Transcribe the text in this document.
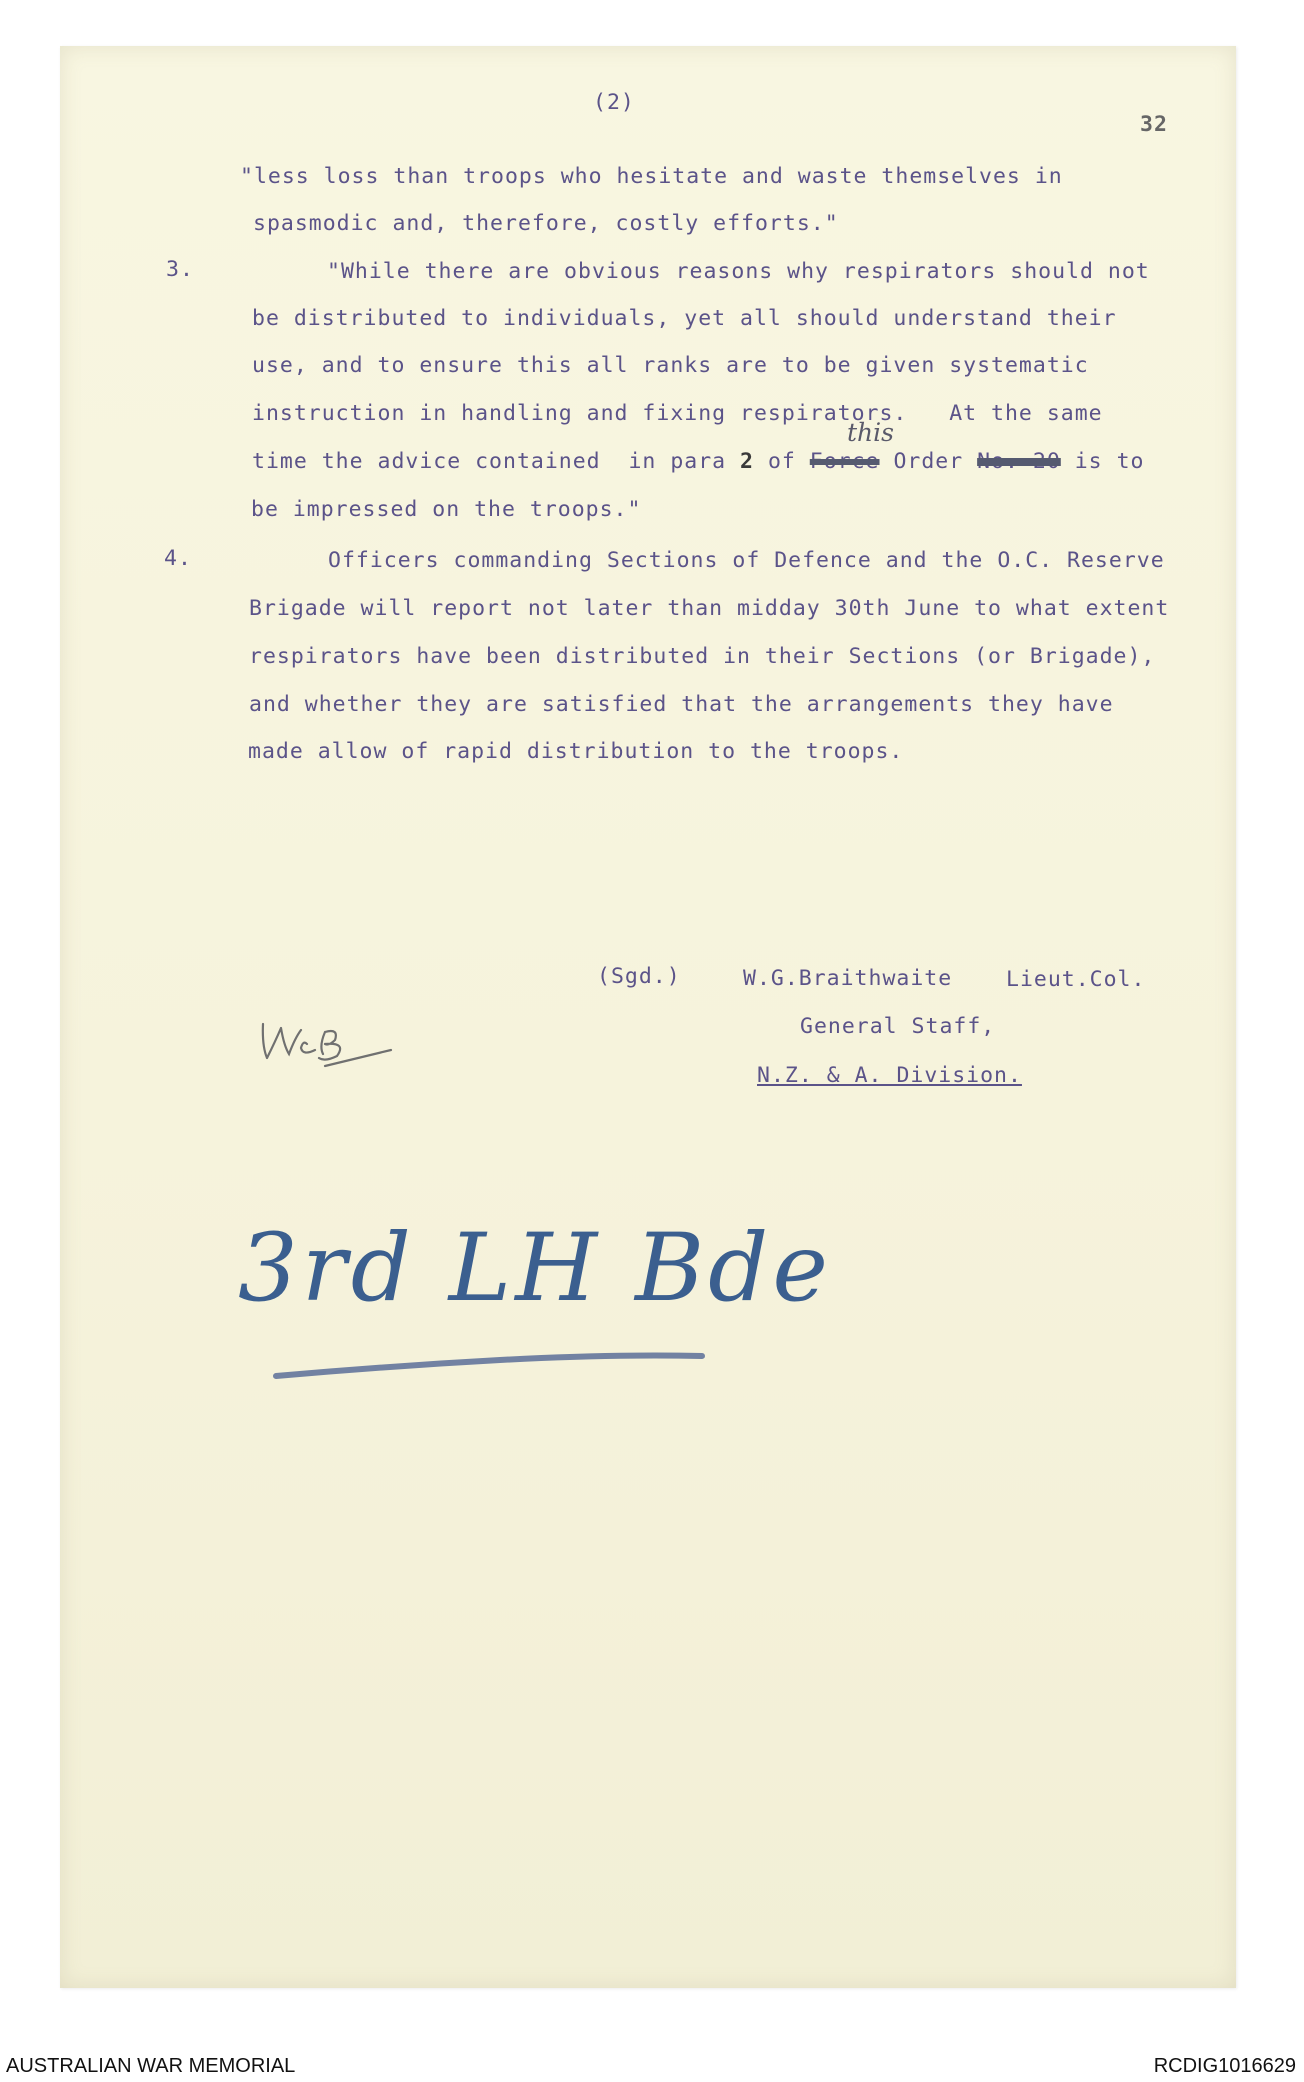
(2)
32
"less loss than troops who hesitate and waste themselves in
spasmodic and, therefore, costly efforts."
3.	"While there are obvious reasons why respirators should not
be distributed to individuals, yet all should understand their
use, and to ensure this all ranks are to be given systematic
instruction in handling and fixing respirators.   At the same
time the advice contained  in para 2 of Force Order No. 20 is to
this
be impressed on the troops."
4.	Officers commanding Sections of Defence and the O.C. Reserve
Brigade will report not later than midday 30th June to what extent
respirators have been distributed in their Sections (or Brigade),
and whether they are satisfied that the arrangements they have
made allow of rapid distribution to the troops.
(Sgd.)	W.G.Braithwaite	Lieut.Col.
General Staff,
N.Z. & A. Division.
3rd LH Bde
AUSTRALIAN WAR MEMORIAL	RCDIG1016629
